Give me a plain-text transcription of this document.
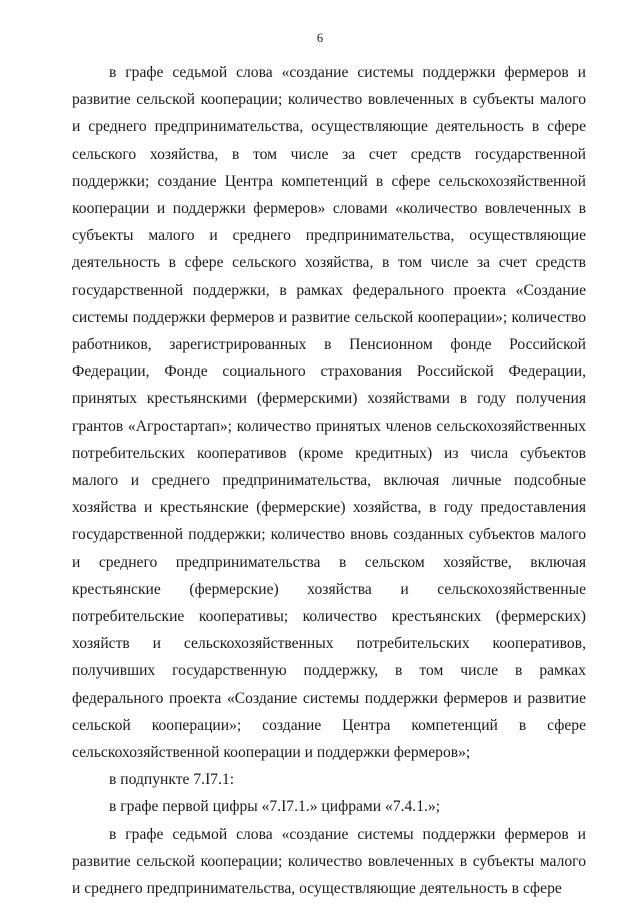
6

в графе седьмой слова «создание системы поддержки фермеров и развитие сельской кооперации; количество вовлеченных в субъекты малого и среднего предпринимательства, осуществляющие деятельность в сфере сельского хозяйства, в том числе за счет средств государственной поддержки; создание Центра компетенций в сфере сельскохозяйственной кооперации и поддержки фермеров» словами «количество вовлеченных в субъекты малого и среднего предпринимательства, осуществляющие деятельность в сфере сельского хозяйства, в том числе за счет средств государственной поддержки, в рамках федерального проекта «Создание системы поддержки фермеров и развитие сельской кооперации»; количество работников, зарегистрированных в Пенсионном фонде Российской Федерации, Фонде социального страхования Российской Федерации, принятых крестьянскими (фермерскими) хозяйствами в году получения грантов «Агростартап»; количество принятых членов сельскохозяйственных потребительских кооперативов (кроме кредитных) из числа субъектов малого и среднего предпринимательства, включая личные подсобные хозяйства и крестьянские (фермерские) хозяйства, в году предоставления государственной поддержки; количество вновь созданных субъектов малого и среднего предпринимательства в сельском хозяйстве, включая крестьянские (фермерские) хозяйства и сельскохозяйственные потребительские кооперативы; количество крестьянских (фермерских) хозяйств и сельскохозяйственных потребительских кооперативов, получивших государственную поддержку, в том числе в рамках федерального проекта «Создание системы поддержки фермеров и развитие сельской кооперации»; создание Центра компетенций в сфере сельскохозяйственной кооперации и поддержки фермеров»;

в подпункте 7.I7.1:

в графе первой цифры «7.I7.1.» цифрами «7.4.1.»;

в графе седьмой слова «создание системы поддержки фермеров и развитие сельской кооперации; количество вовлеченных в субъекты малого и среднего предпринимательства, осуществляющие деятельность в сфере
